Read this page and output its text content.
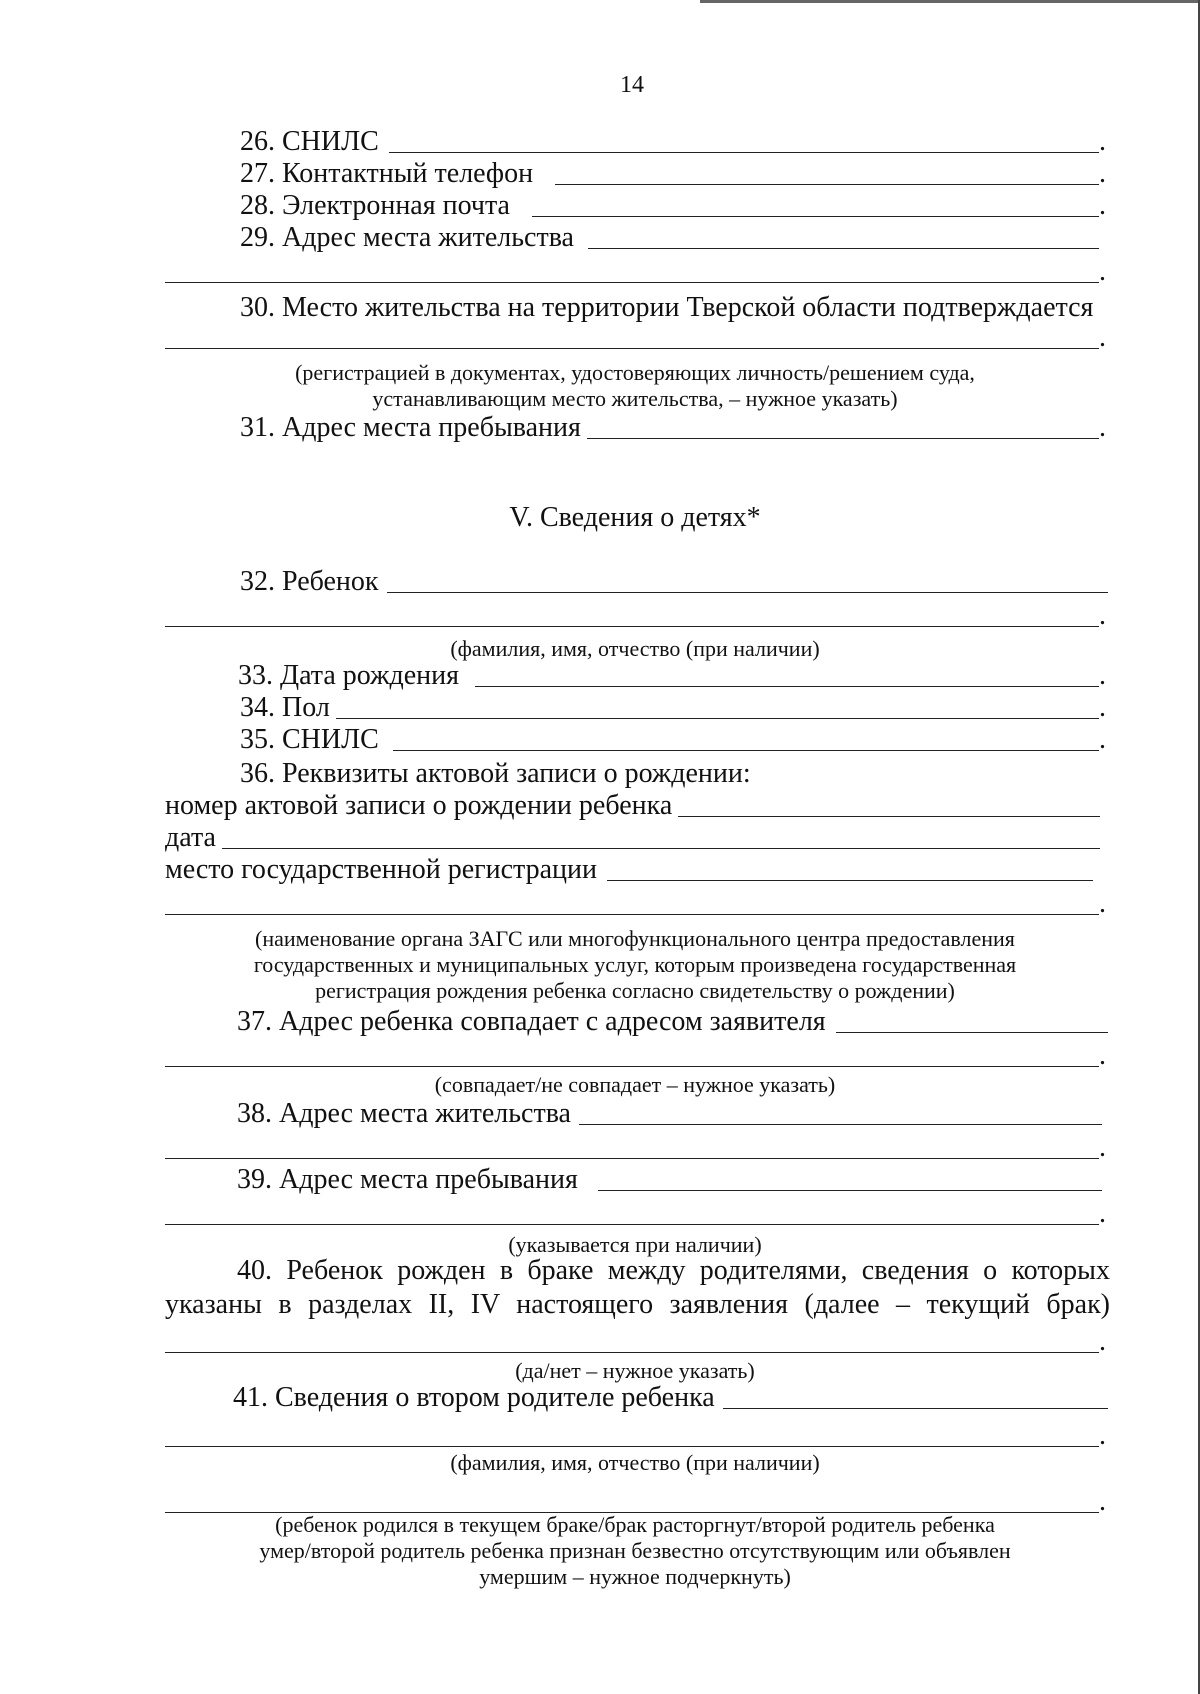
14
26. СНИЛС	.
27. Контактный телефон	.
28. Электронная почта	.
29. Адрес места жительства
.
30. Место жительства на территории Тверской области подтверждается
.
(регистрацией в документах, удостоверяющих личность/решением суда,
устанавливающим место жительства, – нужное указать)
31. Адрес места пребывания	.
V. Сведения о детях*
32. Ребенок
.
(фамилия, имя, отчество (при наличии)
33. Дата рождения	.
34. Пол	.
35. СНИЛС	.
36. Реквизиты актовой записи о рождении:
номер актовой записи о рождении ребенка
дата
место государственной регистрации
.
(наименование органа ЗАГС или многофункционального центра предоставления
государственных и муниципальных услуг, которым произведена государственная
регистрация рождения ребенка согласно свидетельству о рождении)
37. Адрес ребенка совпадает с адресом заявителя
.
(совпадает/не совпадает – нужное указать)
38. Адрес места жительства
.
39. Адрес места пребывания
.
(указывается при наличии)
40. Ребенок рожден в браке между родителями, сведения о которых
указаны в разделах II, IV настоящего заявления (далее – текущий брак)
.
(да/нет – нужное указать)
41. Сведения о втором родителе ребенка
.
(фамилия, имя, отчество (при наличии)
.
(ребенок родился в текущем браке/брак расторгнут/второй родитель ребенка
умер/второй родитель ребенка признан безвестно отсутствующим или объявлен
умершим – нужное подчеркнуть)
